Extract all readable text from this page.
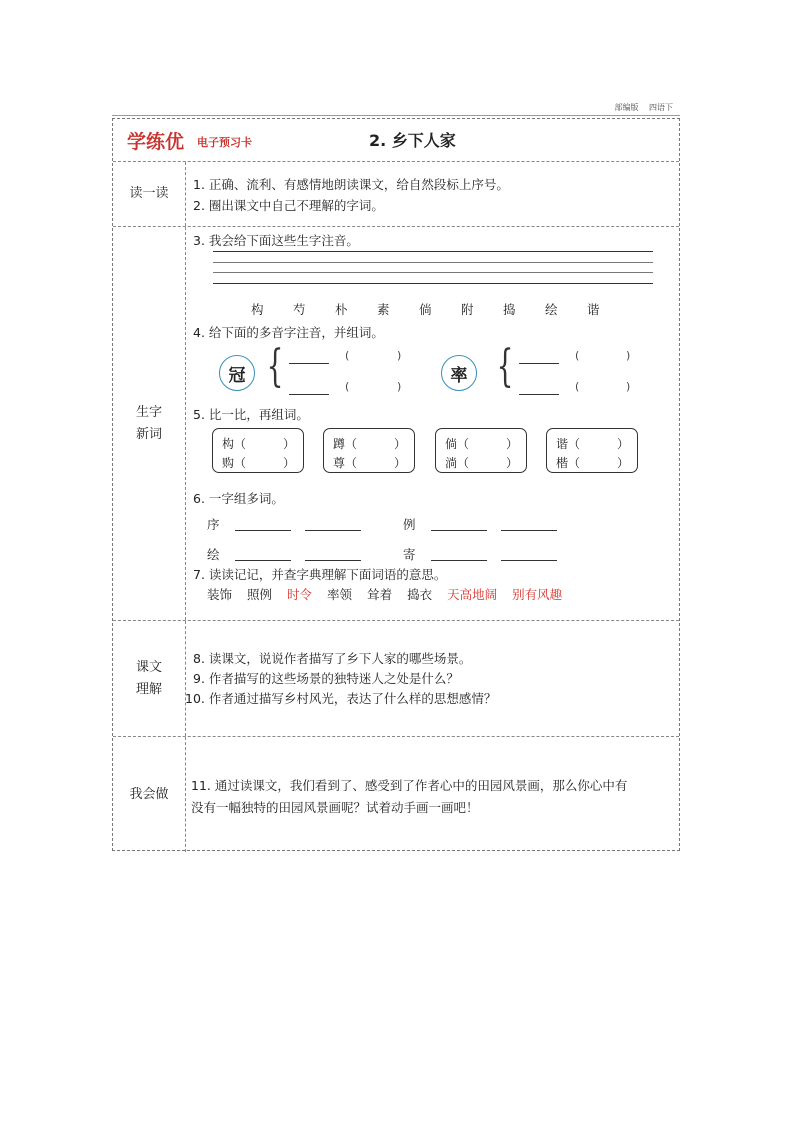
部编版 四语下
学练优 电子预习卡	2. 乡下人家
读一读
1. 正确、流利、有感情地朗读课文，给自然段标上序号。
2. 圈出课文中自己不理解的字词。
生字
新词
3. 我会给下面这些生字注音。
构	芍	朴	素	倘	附	捣	绘	谐
4. 给下面的多音字注音，并组词。
冠 {	(	)
(	)
率 {	(	)
(	)
5. 比一比，再组词。
构（	）
购（	）
蹲（	）
尊（	）
倘（	）
淌（	）
谐（	）
楷（	）
6. 一字组多词。
序	例
绘	寄
7. 读读记记，并查字典理解下面词语的意思。
装饰 照例 时令 率领 耸着 捣衣 天高地阔 别有风趣
课文
理解
8. 读课文，说说作者描写了乡下人家的哪些场景。
9. 作者描写的这些场景的独特迷人之处是什么？
10. 作者通过描写乡村风光，表达了什么样的思想感情？
我会做
11. 通过读课文，我们看到了、感受到了作者心中的田园风景画，那么你心中有
没有一幅独特的田园风景画呢？试着动手画一画吧！
